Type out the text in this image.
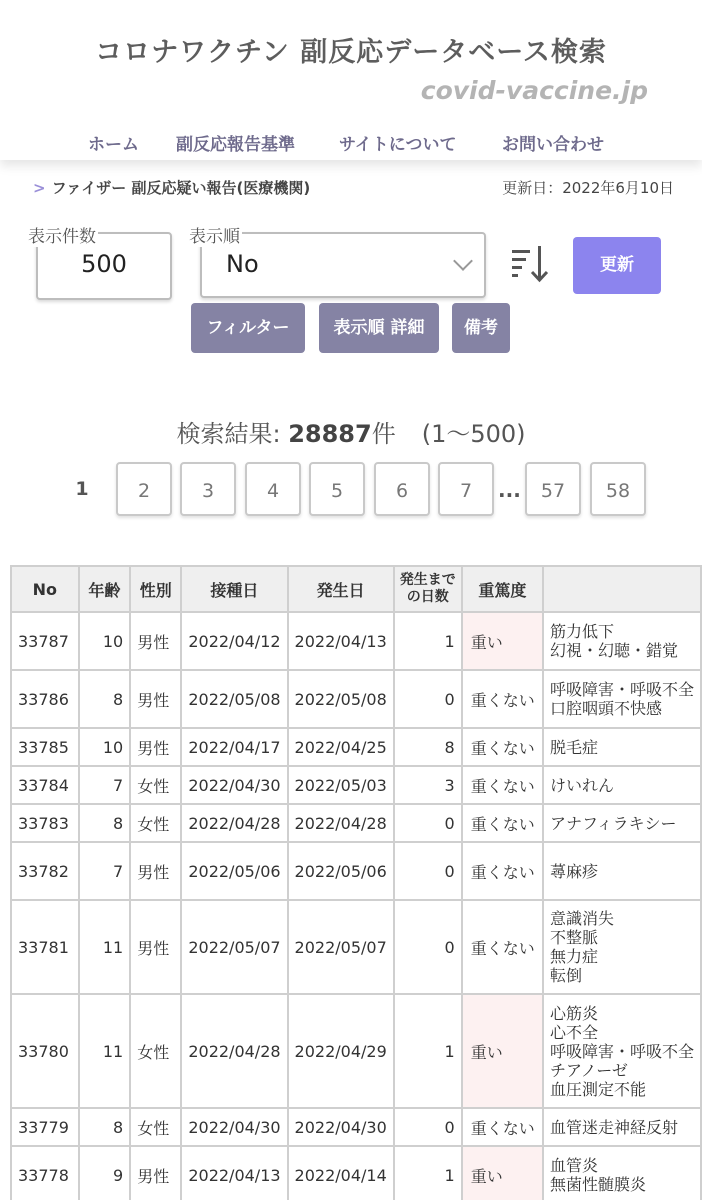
コロナワクチン 副反応データベース検索
covid-vaccine.jp
ホーム 副反応報告基準	サイトについて	お問い合わせ
> ファイザー 副反応疑い報告(医療機関)	更新日：2022年6月10日
500
表示件数
No
表示順
更新
フィルター	表示順 詳細	備考
検索結果: 28887件 (1〜500)
1	2	3	4	5	6	7	...	57	58
No	年齢	性別	接種日	発生日	発生までの日数	重篤度	
33787	10	男性	2022/04/12	2022/04/13	1	重い	筋力低下
幻視・幻聴・錯覚

33786	8	男性	2022/05/08	2022/05/08	0	重くない	呼吸障害・呼吸不全
口腔咽頭不快感

33785	10	男性	2022/04/17	2022/04/25	8	重くない	脱毛症

33784	7	女性	2022/04/30	2022/05/03	3	重くない	けいれん

33783	8	女性	2022/04/28	2022/04/28	0	重くない	アナフィラキシー

33782	7	男性	2022/05/06	2022/05/06	0	重くない	蕁麻疹

33781	11	男性	2022/05/07	2022/05/07	0	重くない	意識消失
不整脈
無力症
転倒

33780	11	女性	2022/04/28	2022/04/29	1	重い	心筋炎
心不全
呼吸障害・呼吸不全
チアノーゼ
血圧測定不能

33779	8	女性	2022/04/30	2022/04/30	0	重くない	血管迷走神経反射

33778	9	男性	2022/04/13	2022/04/14	1	重い	血管炎
無菌性髄膜炎
